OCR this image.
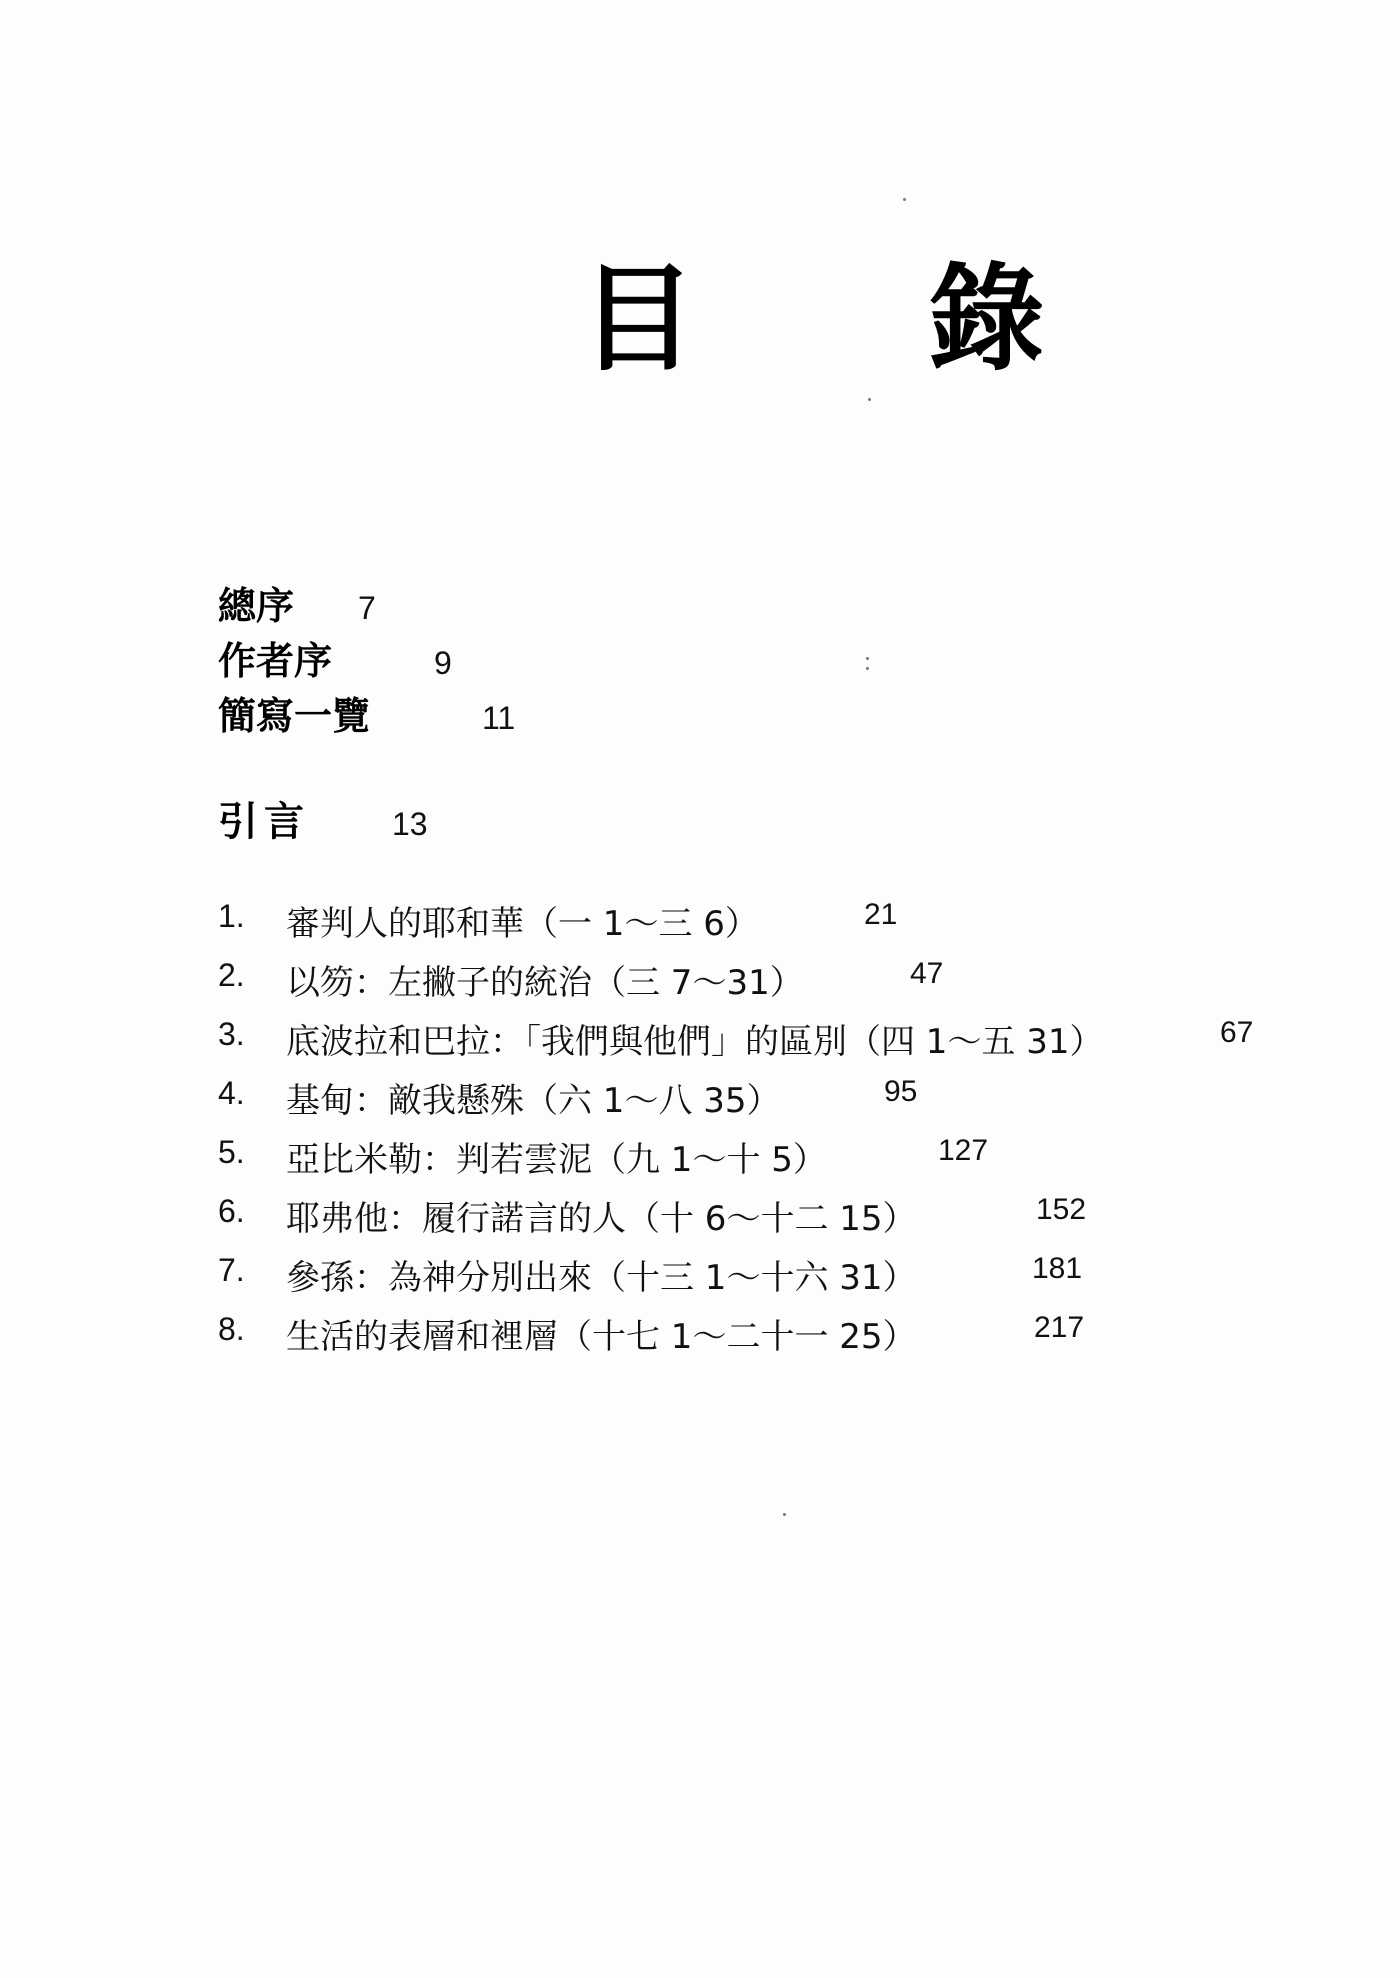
目 錄
總序 7
作者序	9
簡寫一覽	11
引言	13
1. 審判人的耶和華（一 1～三 6）	21
2. 以笏：左撇子的統治（三 7～31）	47
3. 底波拉和巴拉：「我們與他們」的區別（四 1～五 31）	67
4. 基甸：敵我懸殊（六 1～八 35）	95
5. 亞比米勒：判若雲泥（九 1～十 5）	127
6. 耶弗他：履行諾言的人（十 6～十二 15）	152
7. 參孫：為神分別出來（十三 1～十六 31）	181
8. 生活的表層和裡層（十七 1～二十一 25）	217
